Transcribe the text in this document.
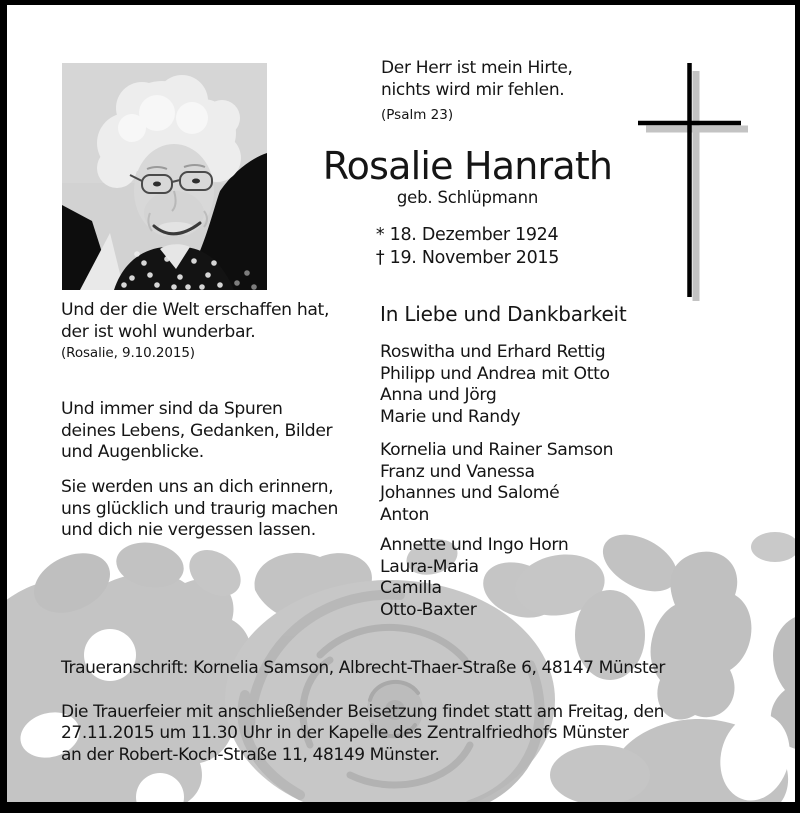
Der Herr ist mein Hirte,
nichts wird mir fehlen.
(Psalm 23)
Rosalie Hanrath
geb. Schlüpmann
* 18. Dezember 1924
† 19. November 2015
Und der die Welt erschaffen hat,
der ist wohl wunderbar.
(Rosalie, 9.10.2015)
Und immer sind da Spuren
deines Lebens, Gedanken, Bilder
und Augenblicke.
Sie werden uns an dich erinnern,
uns glücklich und traurig machen
und dich nie vergessen lassen.
In Liebe und Dankbarkeit
Roswitha und Erhard Rettig
Philipp und Andrea mit Otto
Anna und Jörg
Marie und Randy
Kornelia und Rainer Samson
Franz und Vanessa
Johannes und Salomé
Anton
Annette und Ingo Horn
Laura-Maria
Camilla
Otto-Baxter
Traueranschrift: Kornelia Samson, Albrecht-Thaer-Straße 6, 48147 Münster
Die Trauerfeier mit anschließender Beisetzung findet statt am Freitag, den
27.11.2015 um 11.30 Uhr in der Kapelle des Zentralfriedhofs Münster
an der Robert-Koch-Straße 11, 48149 Münster.
